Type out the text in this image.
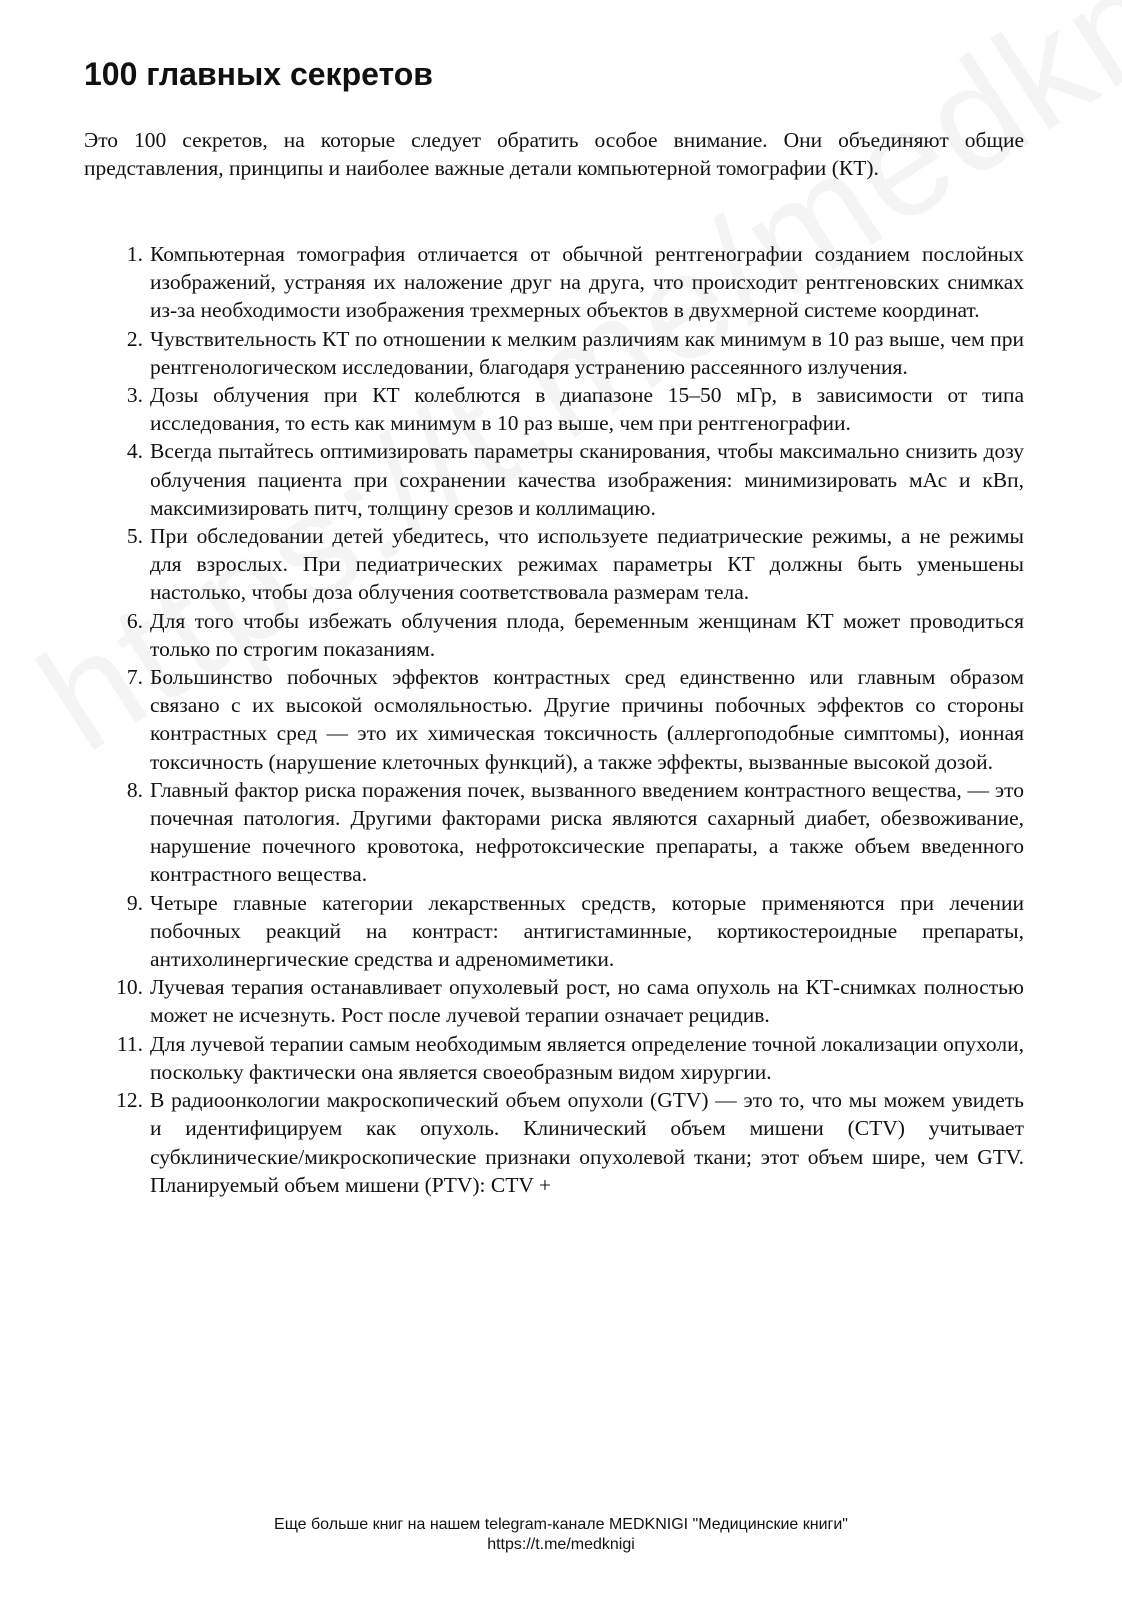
100 главных секретов

Это 100 секретов, на которые следует обратить особое внимание. Они объединяют общие представления, принципы и наиболее важные детали компьютерной томографии (КТ).

1. Компьютерная томография отличается от обычной рентгенографии созданием послойных изображений, устраняя их наложение друг на друга, что происходит рентгеновских снимках из-за необходимости изображения трехмерных объектов в двухмерной системе координат.
2. Чувствительность КТ по отношении к мелким различиям как минимум в 10 раз выше, чем при рентгенологическом исследовании, благодаря устранению рассеянного излучения.
3. Дозы облучения при КТ колеблются в диапазоне 15–50 мГр, в зависимости от типа исследования, то есть как минимум в 10 раз выше, чем при рентгенографии.
4. Всегда пытайтесь оптимизировать параметры сканирования, чтобы максимально снизить дозу облучения пациента при сохранении качества изображения: минимизировать мАс и кВп, максимизировать питч, толщину срезов и коллимацию.
5. При обследовании детей убедитесь, что используете педиатрические режимы, а не режимы для взрослых. При педиатрических режимах параметры КТ должны быть уменьшены настолько, чтобы доза облучения соответствовала размерам тела.
6. Для того чтобы избежать облучения плода, беременным женщинам КТ может проводиться только по строгим показаниям.
7. Большинство побочных эффектов контрастных сред единственно или главным образом связано с их высокой осмоляльностью. Другие причины побочных эффектов со стороны контрастных сред — это их химическая токсичность (аллергоподобные симптомы), ионная токсичность (нарушение клеточных функций), а также эффекты, вызванные высокой дозой.
8. Главный фактор риска поражения почек, вызванного введением контрастного вещества, — это почечная патология. Другими факторами риска являются сахарный диабет, обезвоживание, нарушение почечного кровотока, нефротоксические препараты, а также объем введенного контрастного вещества.
9. Четыре главные категории лекарственных средств, которые применяются при лечении побочных реакций на контраст: антигистаминные, кортикостероидные препараты, антихолинергические средства и адреномиметики.
10. Лучевая терапия останавливает опухолевый рост, но сама опухоль на КТ-снимках полностью может не исчезнуть. Рост после лучевой терапии означает рецидив.
11. Для лучевой терапии самым необходимым является определение точной локализации опухоли, поскольку фактически она является своеобразным видом хирургии.
12. В радиоонкологии макроскопический объем опухоли (GTV) — это то, что мы можем увидеть и идентифицируем как опухоль. Клинический объем мишени (CTV) учитывает субклинические/микроскопические признаки опухолевой ткани; этот объем шире, чем GTV. Планируемый объем мишени (PTV): CTV +
Еще больше книг на нашем telegram-канале MEDKNIGI "Медицинские книги"
https://t.me/medknigi
